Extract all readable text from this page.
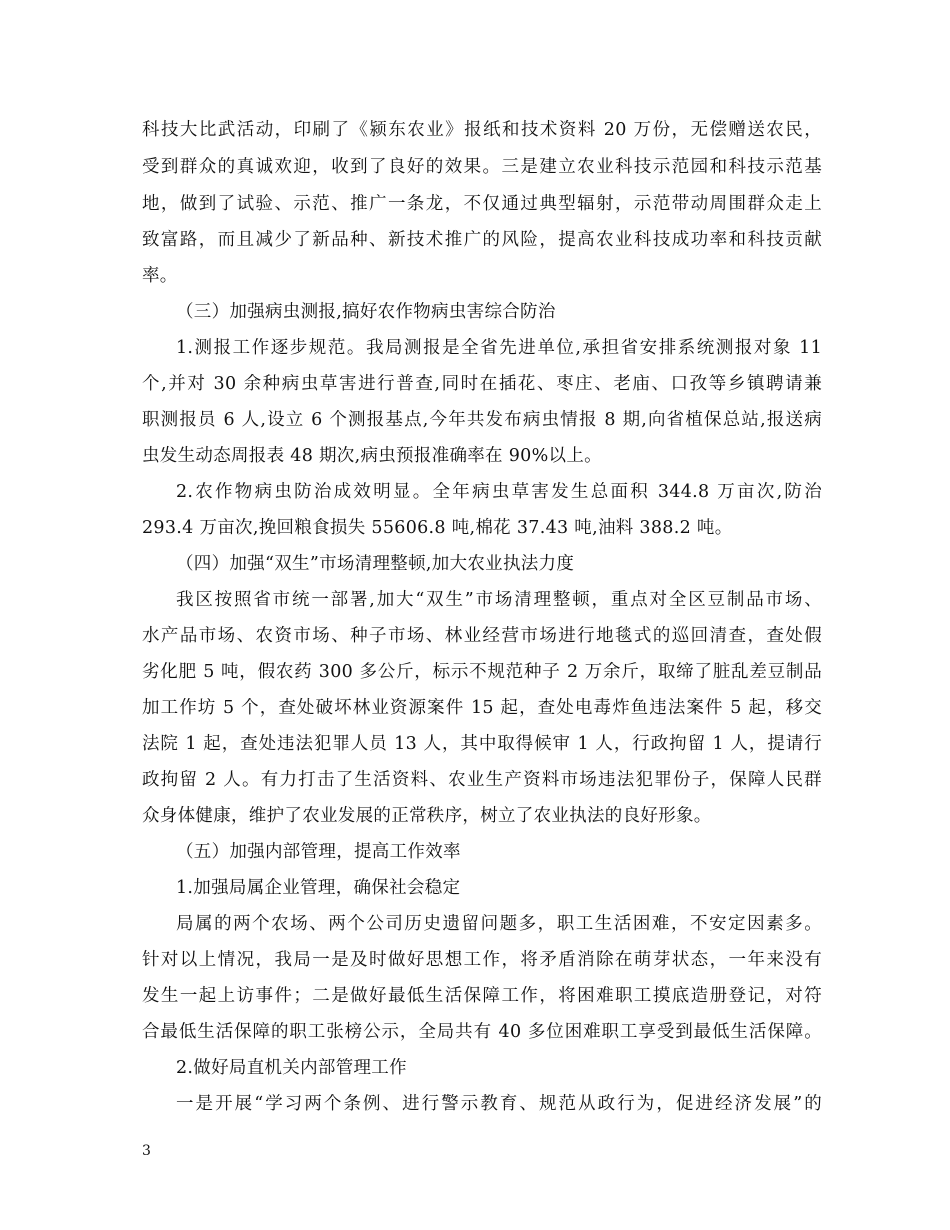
科技大比武活动，印刷了《颍东农业》报纸和技术资料 20 万份，无偿赠送农民，
受到群众的真诚欢迎，收到了良好的效果。三是建立农业科技示范园和科技示范基
地，做到了试验、示范、推广一条龙，不仅通过典型辐射，示范带动周围群众走上
致富路，而且减少了新品种、新技术推广的风险，提高农业科技成功率和科技贡献
率。
（三）加强病虫测报,搞好农作物病虫害综合防治
1.测报工作逐步规范。我局测报是全省先进单位,承担省安排系统测报对象 11
个,并对 30 余种病虫草害进行普查,同时在插花、枣庄、老庙、口孜等乡镇聘请兼
职测报员 6 人,设立 6 个测报基点,今年共发布病虫情报 8 期,向省植保总站,报送病
虫发生动态周报表 48 期次,病虫预报准确率在 90%以上。
2.农作物病虫防治成效明显。全年病虫草害发生总面积 344.8 万亩次,防治
293.4 万亩次,挽回粮食损失 55606.8 吨,棉花 37.43 吨,油料 388.2 吨。
（四）加强“双生”市场清理整顿,加大农业执法力度
我区按照省市统一部署,加大“双生”市场清理整顿，重点对全区豆制品市场、
水产品市场、农资市场、种子市场、林业经营市场进行地毯式的巡回清查，查处假
劣化肥 5 吨，假农药 300 多公斤，标示不规范种子 2 万余斤，取缔了脏乱差豆制品
加工作坊 5 个，查处破坏林业资源案件 15 起，查处电毒炸鱼违法案件 5 起，移交
法院 1 起，查处违法犯罪人员 13 人，其中取得候审 1 人，行政拘留 1 人，提请行
政拘留 2 人。有力打击了生活资料、农业生产资料市场违法犯罪份子，保障人民群
众身体健康，维护了农业发展的正常秩序，树立了农业执法的良好形象。
（五）加强内部管理，提高工作效率
1.加强局属企业管理，确保社会稳定
局属的两个农场、两个公司历史遗留问题多，职工生活困难，不安定因素多。
针对以上情况，我局一是及时做好思想工作，将矛盾消除在萌芽状态，一年来没有
发生一起上访事件；二是做好最低生活保障工作，将困难职工摸底造册登记，对符
合最低生活保障的职工张榜公示，全局共有 40 多位困难职工享受到最低生活保障。
2.做好局直机关内部管理工作
一是开展“学习两个条例、进行警示教育、规范从政行为，促进经济发展”的
3
